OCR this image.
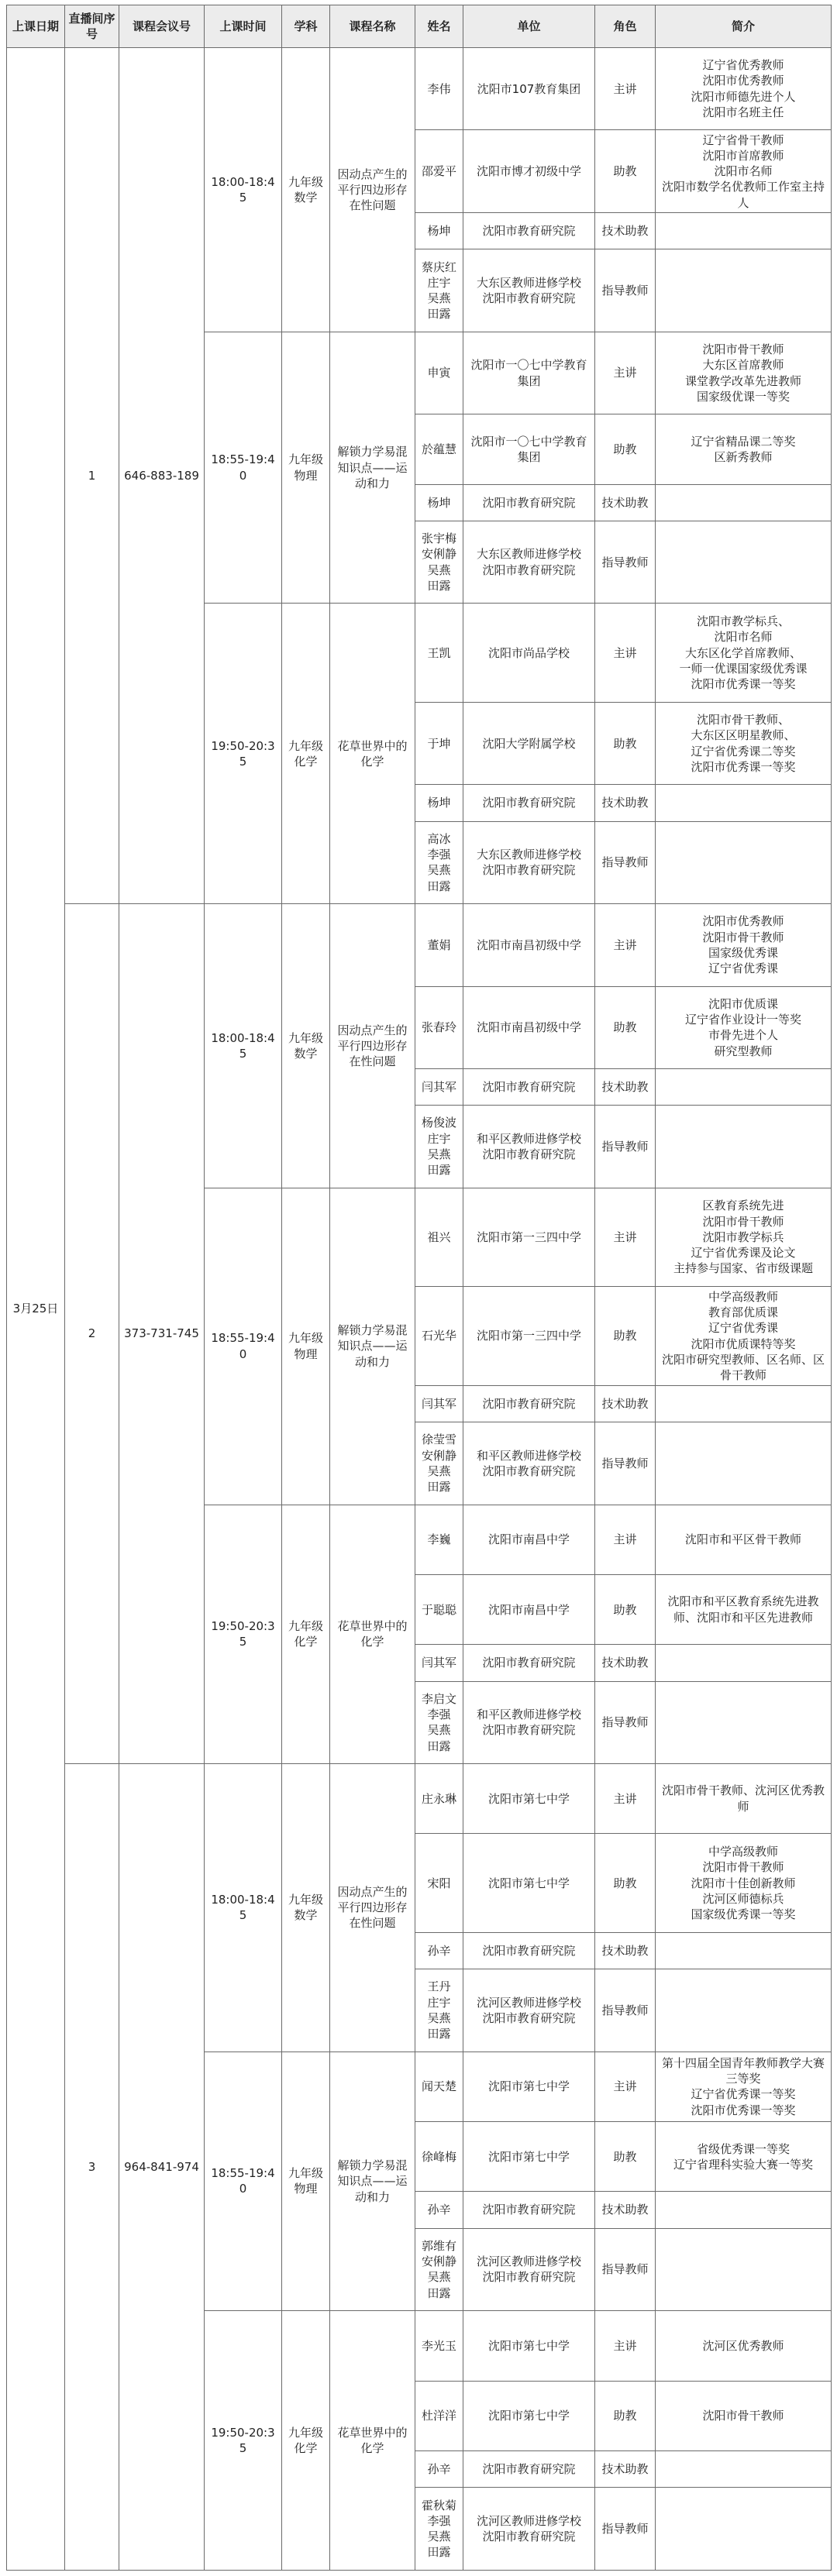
上课日期	直播间序号	课程会议号	上课时间	学科	课程名称	姓名	单位	角色	简介
3月25日	1	646-883-189	18:00-18:45	九年级数学	因动点产生的平行四边形存在性问题	李伟	沈阳市107教育集团	主讲	辽宁省优秀教师
沈阳市优秀教师
沈阳市师德先进个人
沈阳市名班主任

						邵爱平	沈阳市博才初级中学	助教	辽宁省骨干教师
沈阳市首席教师
沈阳市名师
沈阳市数学名优教师工作室主持人

						杨坤	沈阳市教育研究院	技术助教	

						蔡庆红
庄宇
吴燕
田露	大东区教师进修学校
沈阳市教育研究院	指导教师	
			18:55-19:40	九年级物理	解锁力学易混知识点——运动和力	申寅	沈阳市一〇七中学教育集团	主讲	沈阳市骨干教师
大东区首席教师
课堂教学改革先进教师
国家级优课一等奖

						於蕴慧	沈阳市一〇七中学教育集团	助教	辽宁省精品课二等奖
区新秀教师

						杨坤	沈阳市教育研究院	技术助教	

						张宇梅
安俐静
吴燕
田露	大东区教师进修学校
沈阳市教育研究院	指导教师	
			19:50-20:35	九年级化学	花草世界中的化学	王凯	沈阳市尚品学校	主讲	沈阳市教学标兵、
沈阳市名师
大东区化学首席教师、
一师一优课国家级优秀课
沈阳市优秀课一等奖

						于坤	沈阳大学附属学校	助教	沈阳市骨干教师、
大东区区明星教师、
辽宁省优秀课二等奖
沈阳市优秀课一等奖

						杨坤	沈阳市教育研究院	技术助教	

						高冰
李强
吴燕
田露	大东区教师进修学校
沈阳市教育研究院	指导教师	
	2	373-731-745	18:00-18:45	九年级数学	因动点产生的平行四边形存在性问题	董娟	沈阳市南昌初级中学	主讲	沈阳市优秀教师
沈阳市骨干教师
国家级优秀课
辽宁省优秀课

						张春玲	沈阳市南昌初级中学	助教	沈阳市优质课
辽宁省作业设计一等奖
市骨先进个人
研究型教师

						闫其军	沈阳市教育研究院	技术助教	

						杨俊波
庄宇
吴燕
田露	和平区教师进修学校
沈阳市教育研究院	指导教师	
			18:55-19:40	九年级物理	解锁力学易混知识点——运动和力	祖兴	沈阳市第一三四中学	主讲	区教育系统先进
沈阳市骨干教师
沈阳市教学标兵
辽宁省优秀课及论文
主持参与国家、省市级课题

						石光华	沈阳市第一三四中学	助教	中学高级教师
教育部优质课
辽宁省优秀课
沈阳市优质课特等奖
沈阳市研究型教师、区名师、区骨干教师

						闫其军	沈阳市教育研究院	技术助教	

						徐莹雪
安俐静
吴燕
田露	和平区教师进修学校
沈阳市教育研究院	指导教师	
			19:50-20:35	九年级化学	花草世界中的化学	李巍	沈阳市南昌中学	主讲	沈阳市和平区骨干教师

						于聪聪	沈阳市南昌中学	助教	沈阳市和平区教育系统先进教师、沈阳市和平区先进教师

						闫其军	沈阳市教育研究院	技术助教	

						李启文
李强
吴燕
田露	和平区教师进修学校
沈阳市教育研究院	指导教师	
	3	964-841-974	18:00-18:45	九年级数学	因动点产生的平行四边形存在性问题	庄永琳	沈阳市第七中学	主讲	沈阳市骨干教师、沈河区优秀教师

						宋阳	沈阳市第七中学	助教	中学高级教师
沈阳市骨干教师
沈阳市十佳创新教师
沈河区师德标兵
国家级优秀课一等奖

						孙辛	沈阳市教育研究院	技术助教	

						王丹
庄宇
吴燕
田露	沈河区教师进修学校
沈阳市教育研究院	指导教师	
			18:55-19:40	九年级物理	解锁力学易混知识点——运动和力	闻天楚	沈阳市第七中学	主讲	第十四届全国青年教师教学大赛三等奖
辽宁省优秀课一等奖
沈阳市优秀课一等奖

						徐峰梅	沈阳市第七中学	助教	省级优秀课一等奖
辽宁省理科实验大赛一等奖

						孙辛	沈阳市教育研究院	技术助教	

						郭维有
安俐静
吴燕
田露	沈河区教师进修学校
沈阳市教育研究院	指导教师	
			19:50-20:35	九年级化学	花草世界中的化学	李光玉	沈阳市第七中学	主讲	沈河区优秀教师

						杜洋洋	沈阳市第七中学	助教	沈阳市骨干教师

						孙辛	沈阳市教育研究院	技术助教	

						霍秋菊
李强
吴燕
田露	沈河区教师进修学校
沈阳市教育研究院	指导教师	
